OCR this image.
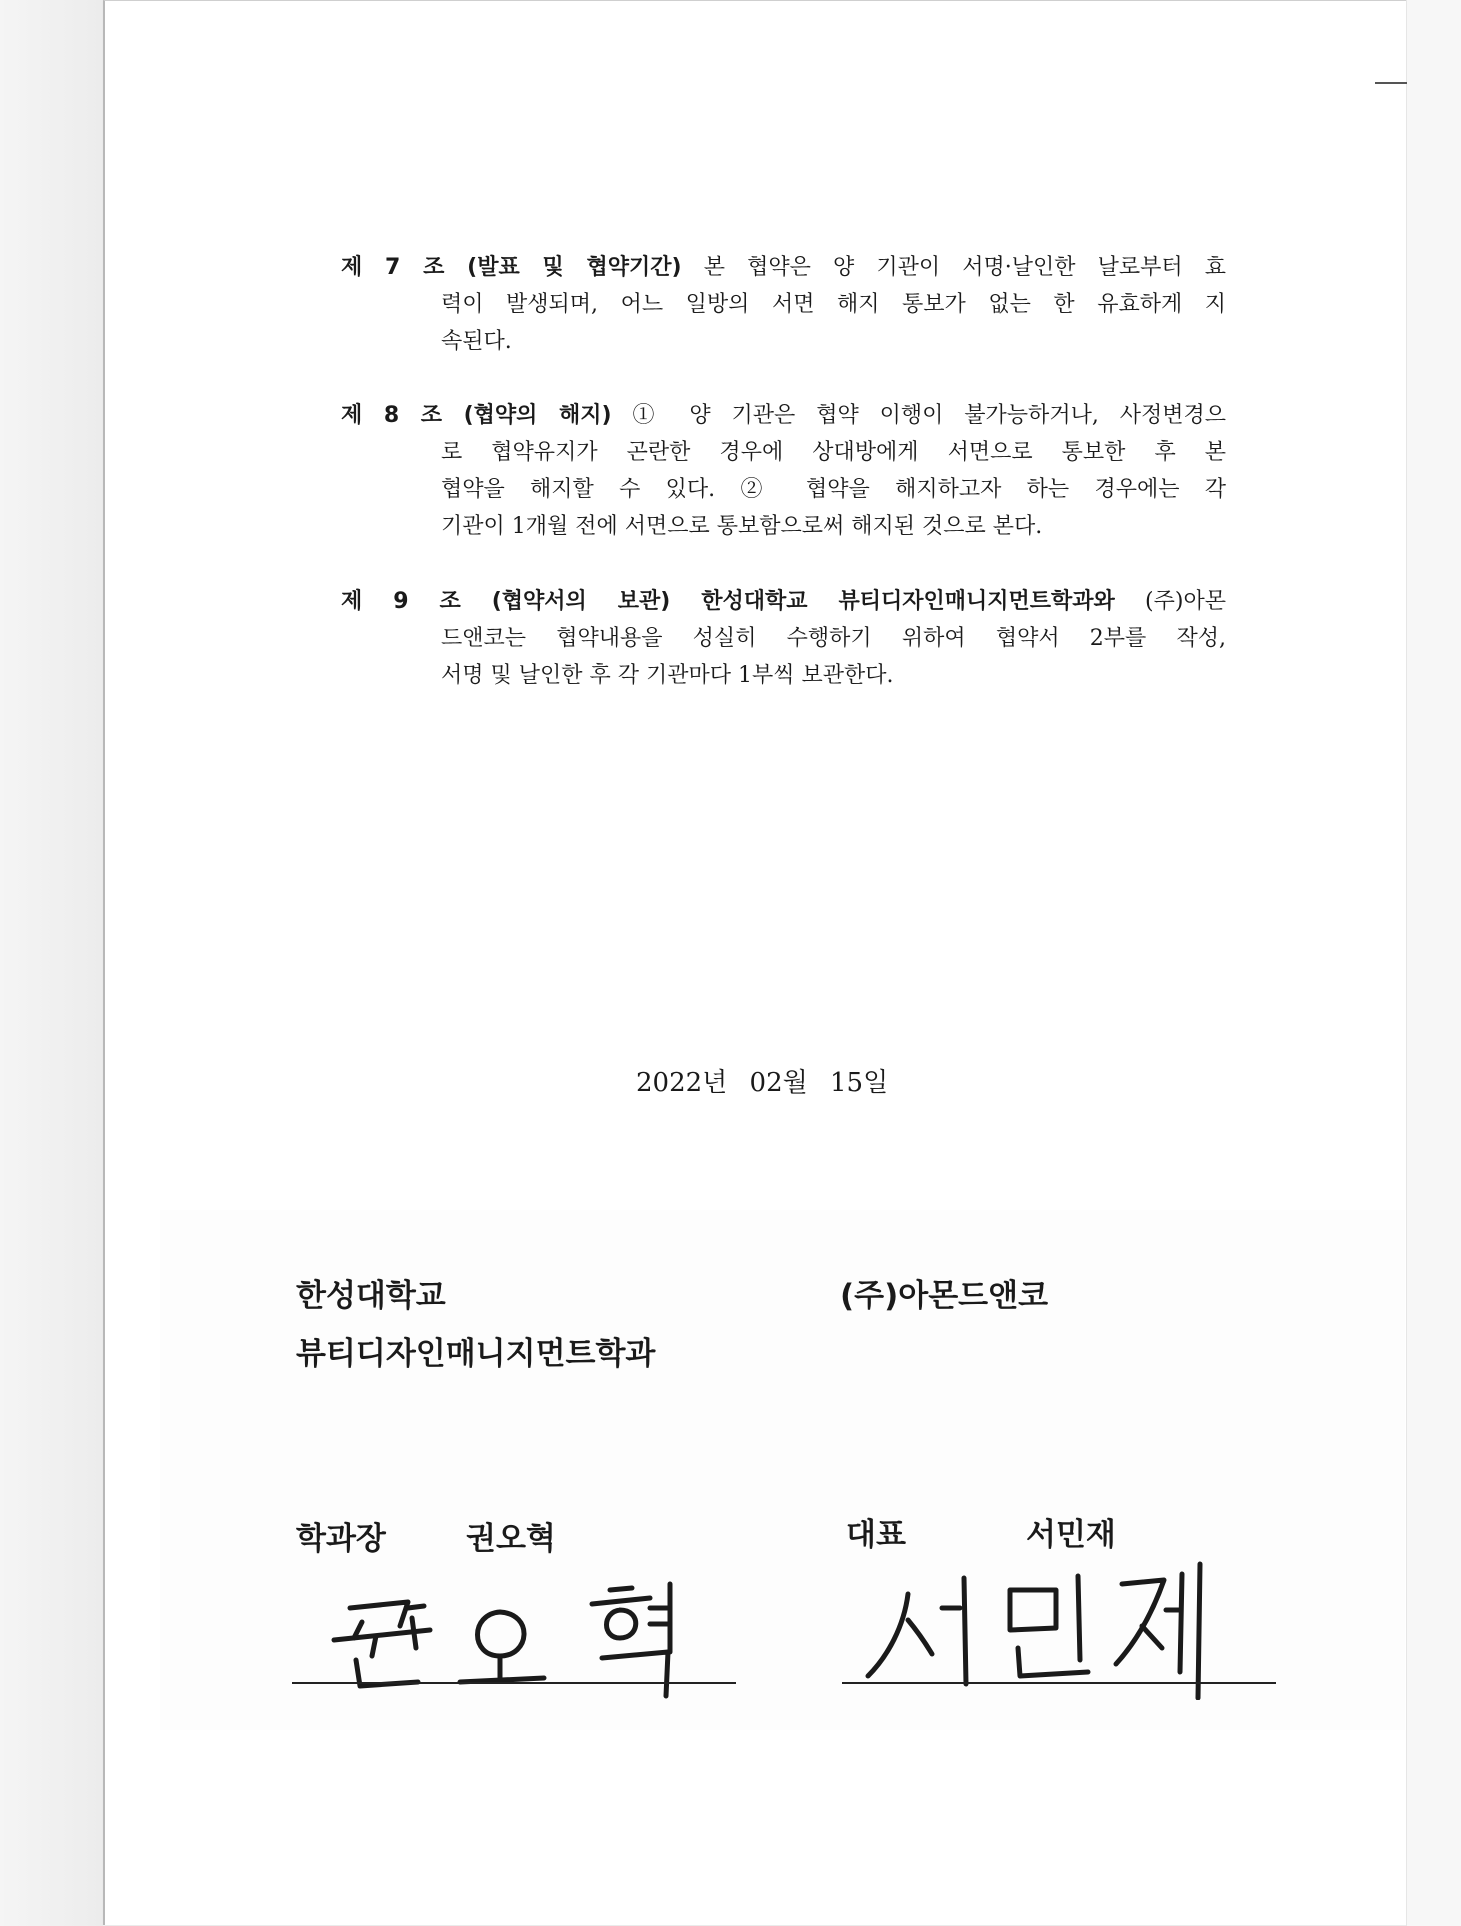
제 7 조 (발표 및 협약기간) 본 협약은 양 기관이 서명·날인한 날로부터 효
력이 발생되며, 어느 일방의 서면 해지 통보가 없는 한 유효하게 지
속된다.
제 8 조 (협약의 해지) ① 양 기관은 협약 이행이 불가능하거나, 사정변경으
로 협약유지가 곤란한 경우에 상대방에게 서면으로 통보한 후 본
협약을 해지할 수 있다. ② 협약을 해지하고자 하는 경우에는 각
기관이 1개월 전에 서면으로 통보함으로써 해지된 것으로 본다.
제 9 조 (협약서의 보관) 한성대학교 뷰티디자인매니지먼트학과와 (주)아몬
드앤코는 협약내용을 성실히 수행하기 위하여 협약서 2부를 작성,
서명 및 날인한 후 각 기관마다 1부씩 보관한다.
2022년 02월 15일
한성대학교
뷰티디자인매니지먼트학과
학과장	권오혁
(주)아몬드앤코
대표	서민재
